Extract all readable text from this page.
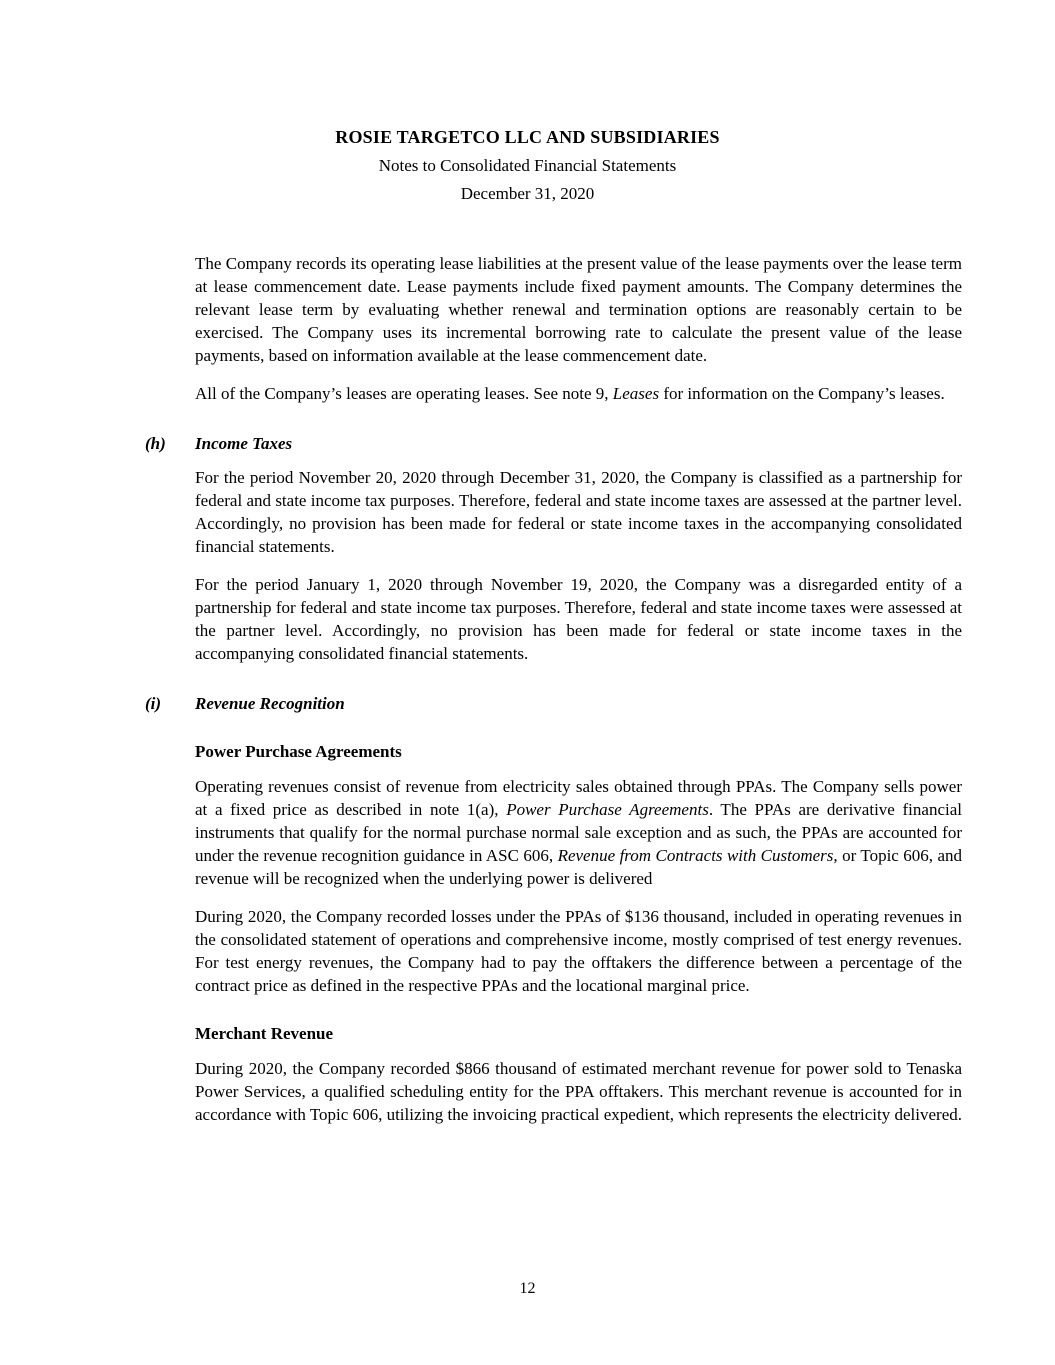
ROSIE TARGETCO LLC AND SUBSIDIARIES
Notes to Consolidated Financial Statements
December 31, 2020

The Company records its operating lease liabilities at the present value of the lease payments over the lease term at lease commencement date. Lease payments include fixed payment amounts. The Company determines the relevant lease term by evaluating whether renewal and termination options are reasonably certain to be exercised. The Company uses its incremental borrowing rate to calculate the present value of the lease payments, based on information available at the lease commencement date.

All of the Company’s leases are operating leases. See note 9, Leases for information on the Company’s leases.

(h)	Income Taxes

For the period November 20, 2020 through December 31, 2020, the Company is classified as a partnership for federal and state income tax purposes. Therefore, federal and state income taxes are assessed at the partner level. Accordingly, no provision has been made for federal or state income taxes in the accompanying consolidated financial statements.

For the period January 1, 2020 through November 19, 2020, the Company was a disregarded entity of a partnership for federal and state income tax purposes. Therefore, federal and state income taxes were assessed at the partner level. Accordingly, no provision has been made for federal or state income taxes in the accompanying consolidated financial statements.

(i)	Revenue Recognition
Power Purchase Agreements

Operating revenues consist of revenue from electricity sales obtained through PPAs. The Company sells power at a fixed price as described in note 1(a), Power Purchase Agreements. The PPAs are derivative financial instruments that qualify for the normal purchase normal sale exception and as such, the PPAs are accounted for under the revenue recognition guidance in ASC 606, Revenue from Contracts with Customers, or Topic 606, and revenue will be recognized when the underlying power is delivered

During 2020, the Company recorded losses under the PPAs of $136 thousand, included in operating revenues in the consolidated statement of operations and comprehensive income, mostly comprised of test energy revenues. For test energy revenues, the Company had to pay the offtakers the difference between a percentage of the contract price as defined in the respective PPAs and the locational marginal price.

Merchant Revenue

During 2020, the Company recorded $866 thousand of estimated merchant revenue for power sold to Tenaska Power Services, a qualified scheduling entity for the PPA offtakers. This merchant revenue is accounted for in accordance with Topic 606, utilizing the invoicing practical expedient, which represents the electricity delivered.

12
